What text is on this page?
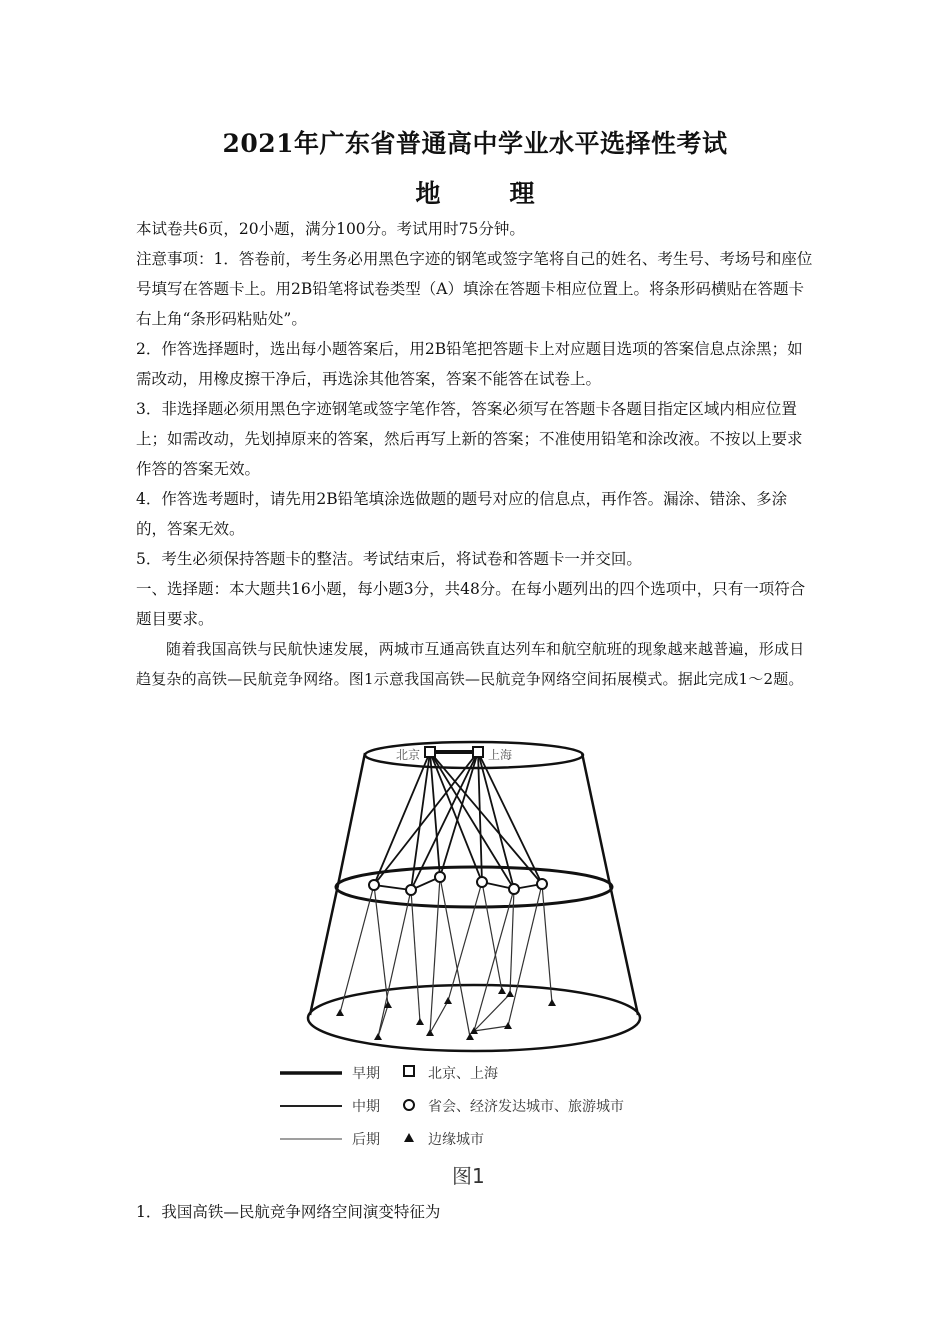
2021年广东省普通高中学业水平选择性考试
地　理

本试卷共6页，20小题，满分100分。考试用时75分钟。

注意事项：1．答卷前，考生务必用黑色字迹的钢笔或签字笔将自己的姓名、考生号、考场号和座位号填写在答题卡上。用2B铅笔将试卷类型（A）填涂在答题卡相应位置上。将条形码横贴在答题卡右上角“条形码粘贴处”。

2．作答选择题时，选出每小题答案后，用2B铅笔把答题卡上对应题目选项的答案信息点涂黑；如需改动，用橡皮擦干净后，再选涂其他答案，答案不能答在试卷上。

3．非选择题必须用黑色字迹钢笔或签字笔作答，答案必须写在答题卡各题目指定区域内相应位置上；如需改动，先划掉原来的答案，然后再写上新的答案；不准使用铅笔和涂改液。不按以上要求作答的答案无效。

4．作答选考题时，请先用2B铅笔填涂选做题的题号对应的信息点，再作答。漏涂、错涂、多涂的，答案无效。

5．考生必须保持答题卡的整洁。考试结束后，将试卷和答题卡一并交回。

一、选择题：本大题共16小题，每小题3分，共48分。在每小题列出的四个选项中，只有一项符合题目要求。

随着我国高铁与民航快速发展，两城市互通高铁直达列车和航空航班的现象越来越普遍，形成日趋复杂的高铁—民航竞争网络。图1示意我国高铁—民航竞争网络空间拓展模式。据此完成1～2题。

北京	上海
早期	北京、上海
中期	省会、经济发达城市、旅游城市
后期	边缘城市
图1

1．我国高铁—民航竞争网络空间演变特征为
